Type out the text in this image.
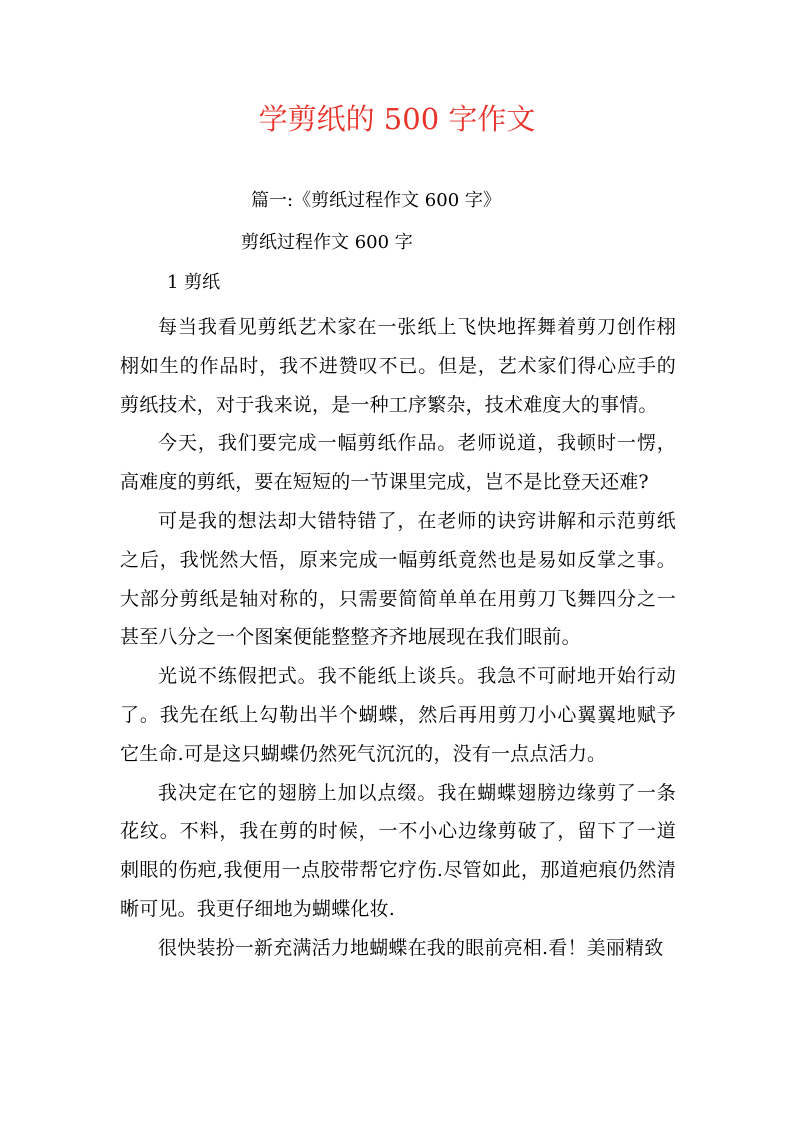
学剪纸的 500 字作文
篇一:《剪纸过程作文 600 字》
剪纸过程作文 600 字
1 剪纸

每当我看见剪纸艺术家在一张纸上飞快地挥舞着剪刀创作栩栩如生的作品时，我不进赞叹不已。但是，艺术家们得心应手的剪纸技术，对于我来说，是一种工序繁杂，技术难度大的事情。

今天，我们要完成一幅剪纸作品。老师说道，我顿时一愣，高难度的剪纸，要在短短的一节课里完成，岂不是比登天还难?

可是我的想法却大错特错了，在老师的诀窍讲解和示范剪纸之后，我恍然大悟，原来完成一幅剪纸竟然也是易如反掌之事。大部分剪纸是轴对称的，只需要简简单单在用剪刀飞舞四分之一甚至八分之一个图案便能整整齐齐地展现在我们眼前。

光说不练假把式。我不能纸上谈兵。我急不可耐地开始行动了。我先在纸上勾勒出半个蝴蝶，然后再用剪刀小心翼翼地赋予它生命.可是这只蝴蝶仍然死气沉沉的，没有一点点活力。

我决定在它的翅膀上加以点缀。我在蝴蝶翅膀边缘剪了一条花纹。不料，我在剪的时候，一不小心边缘剪破了，留下了一道刺眼的伤疤,我便用一点胶带帮它疗伤.尽管如此，那道疤痕仍然清晰可见。我更仔细地为蝴蝶化妆.

很快装扮一新充满活力地蝴蝶在我的眼前亮相.看！美丽精致
